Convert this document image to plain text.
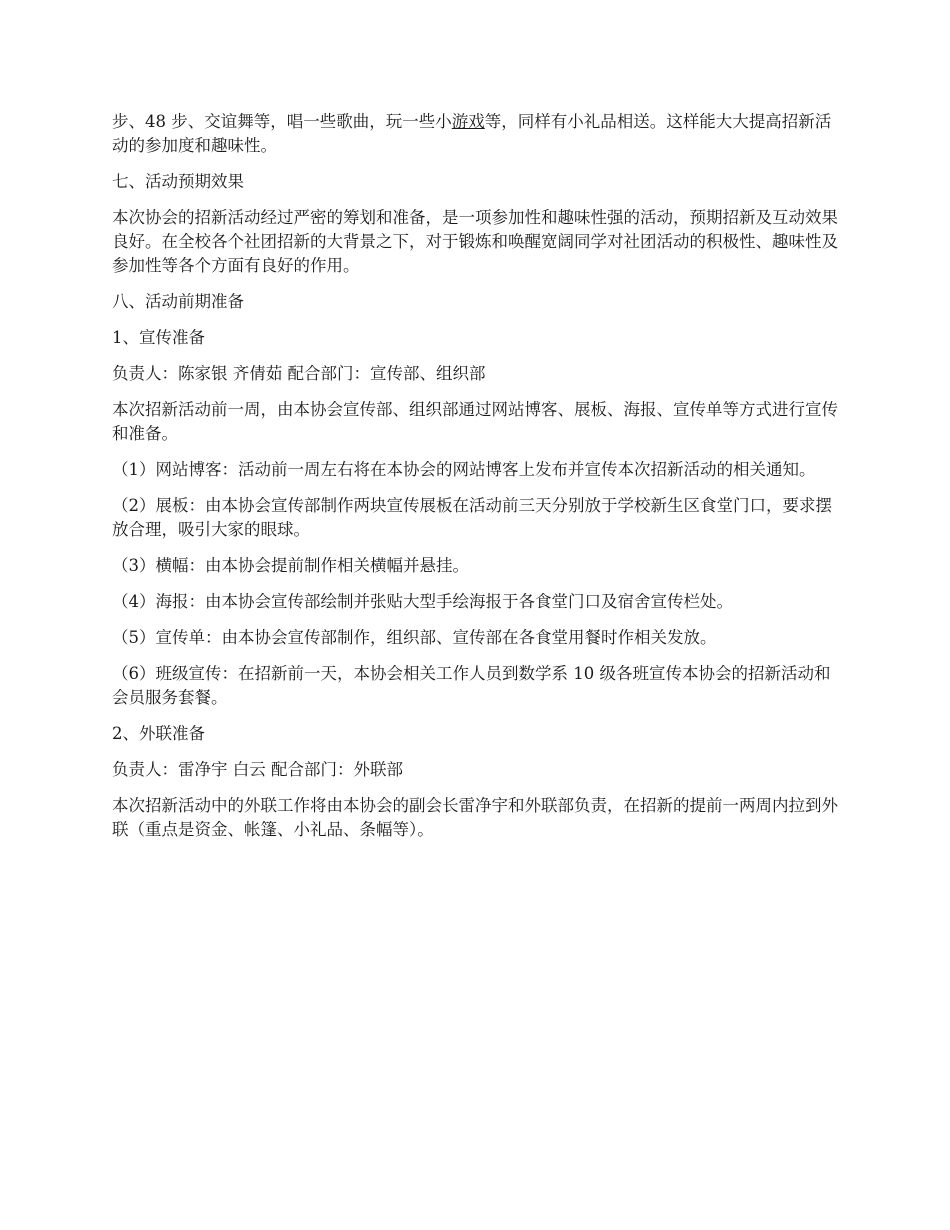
步、48 步、交谊舞等，唱一些歌曲，玩一些小游戏等，同样有小礼品相送。这样能大大提高招新活动的参加度和趣味性。

七、活动预期效果

本次协会的招新活动经过严密的筹划和准备，是一项参加性和趣味性强的活动，预期招新及互动效果良好。在全校各个社团招新的大背景之下，对于锻炼和唤醒宽阔同学对社团活动的积极性、趣味性及参加性等各个方面有良好的作用。

八、活动前期准备

1、宣传准备

负责人：陈家银 齐倩茹 配合部门：宣传部、组织部

本次招新活动前一周，由本协会宣传部、组织部通过网站博客、展板、海报、宣传单等方式进行宣传和准备。

（1）网站博客：活动前一周左右将在本协会的网站博客上发布并宣传本次招新活动的相关通知。

（2）展板：由本协会宣传部制作两块宣传展板在活动前三天分别放于学校新生区食堂门口，要求摆放合理，吸引大家的眼球。

（3）横幅：由本协会提前制作相关横幅并悬挂。

（4）海报：由本协会宣传部绘制并张贴大型手绘海报于各食堂门口及宿舍宣传栏处。

（5）宣传单：由本协会宣传部制作，组织部、宣传部在各食堂用餐时作相关发放。

（6）班级宣传：在招新前一天，本协会相关工作人员到数学系 10 级各班宣传本协会的招新活动和会员服务套餐。

2、外联准备

负责人：雷净宇 白云 配合部门：外联部

本次招新活动中的外联工作将由本协会的副会长雷净宇和外联部负责，在招新的提前一两周内拉到外联（重点是资金、帐篷、小礼品、条幅等）。
